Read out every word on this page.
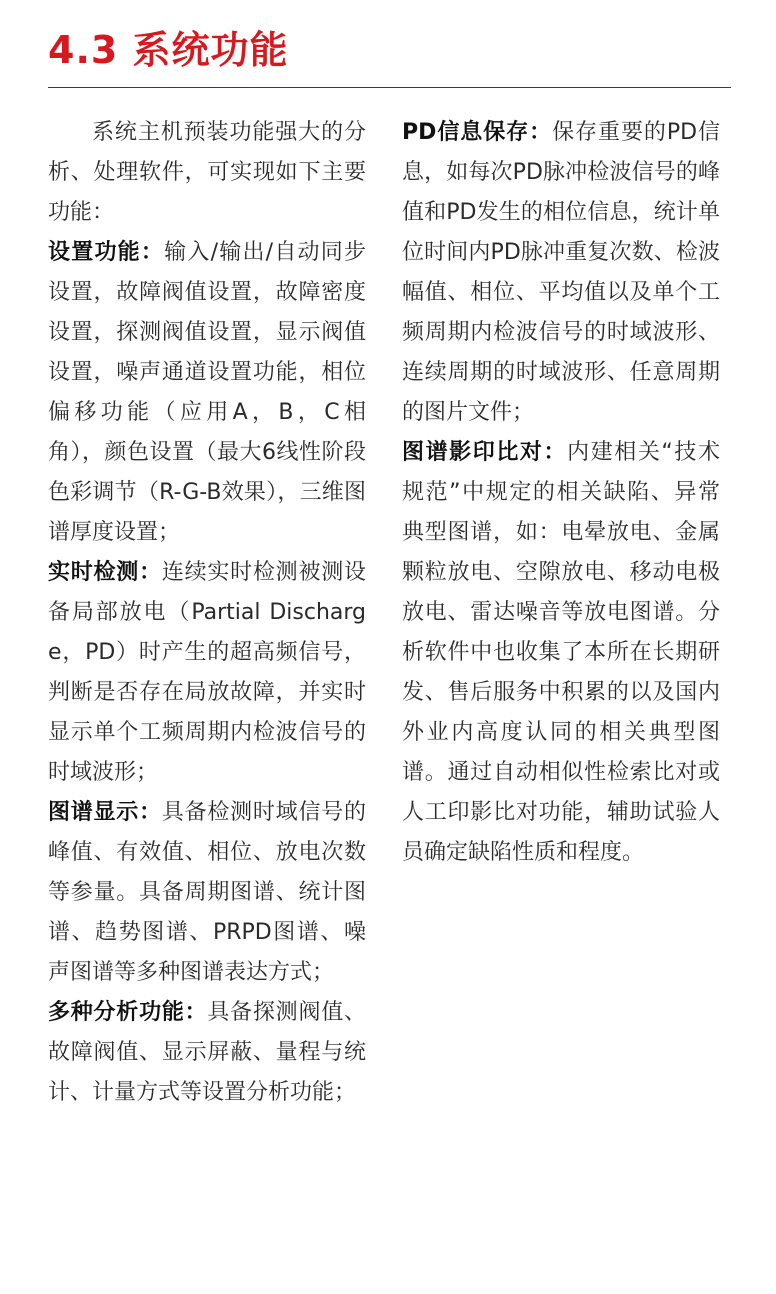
4.3 系统功能

系统主机预装功能强大的分析、处理软件，可实现如下主要功能：

设置功能：输入/输出/自动同步设置，故障阀值设置，故障密度设置，探测阀值设置，显示阀值设置，噪声通道设置功能，相位偏移功能（应用A，B，C相角），颜色设置（最大6线性阶段色彩调节（R-G-B效果），三维图谱厚度设置；

实时检测：连续实时检测被测设备局部放电（Partial Discharge，PD）时产生的超高频信号，判断是否存在局放故障，并实时显示单个工频周期内检波信号的时域波形；

图谱显示：具备检测时域信号的峰值、有效值、相位、放电次数等参量。具备周期图谱、统计图谱、趋势图谱、PRPD图谱、噪声图谱等多种图谱表达方式；

多种分析功能：具备探测阀值、故障阀值、显示屏蔽、量程与统计、计量方式等设置分析功能；

PD信息保存：保存重要的PD信息，如每次PD脉冲检波信号的峰值和PD发生的相位信息，统计单位时间内PD脉冲重复次数、检波幅值、相位、平均值以及单个工频周期内检波信号的时域波形、连续周期的时域波形、任意周期的图片文件；

图谱影印比对：内建相关“技术规范”中规定的相关缺陷、异常典型图谱，如：电晕放电、金属颗粒放电、空隙放电、移动电极放电、雷达噪音等放电图谱。分析软件中也收集了本所在长期研发、售后服务中积累的以及国内外业内高度认同的相关典型图谱。通过自动相似性检索比对或人工印影比对功能，辅助试验人员确定缺陷性质和程度。
